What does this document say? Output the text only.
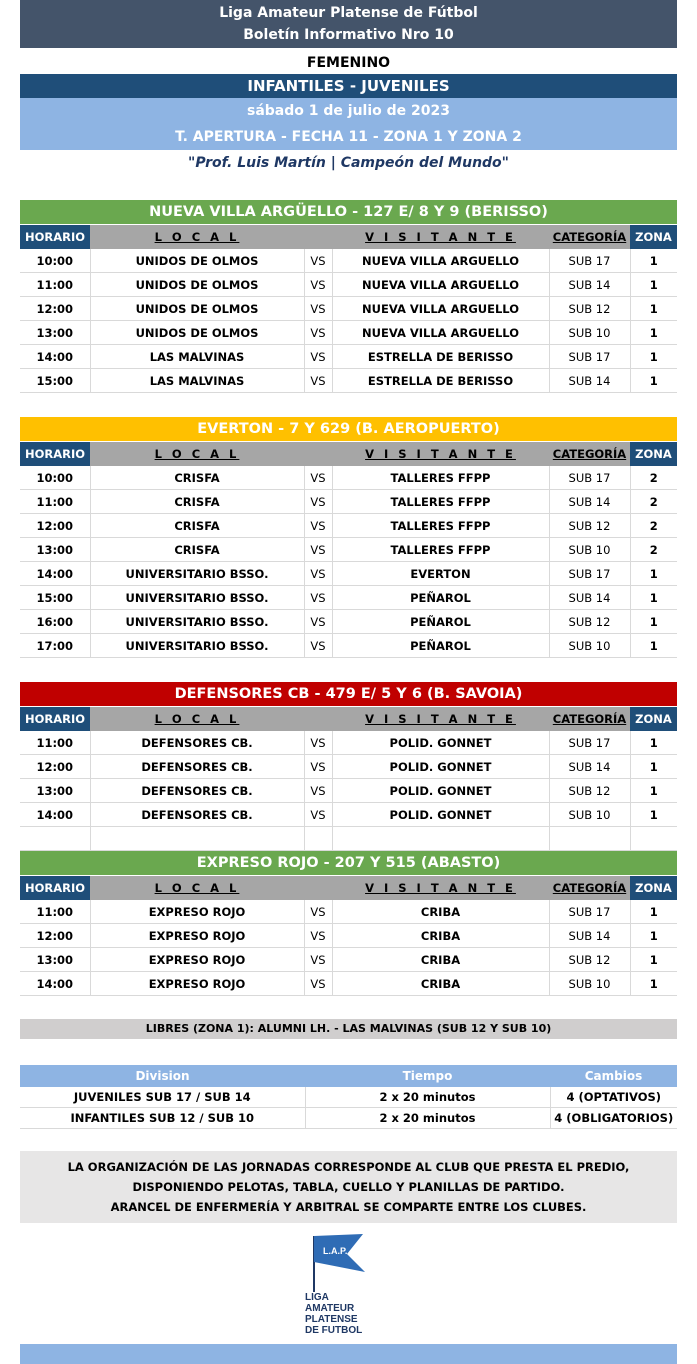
Liga Amateur Platense de Fútbol
Boletín Informativo Nro 10
FEMENINO
INFANTILES - JUVENILES
sábado 1 de julio de 2023
T. APERTURA - FECHA 11 - ZONA 1 Y ZONA 2
"Prof. Luis Martín | Campeón del Mundo"
NUEVA VILLA ARGÜELLO - 127 E/ 8 Y 9 (BERISSO)
HORARIO	L O C A L		V I S I T A N T E	CATEGORÍA	ZONA
10:00	UNIDOS DE OLMOS	VS	NUEVA VILLA ARGUELLO	SUB 17	1
11:00	UNIDOS DE OLMOS	VS	NUEVA VILLA ARGUELLO	SUB 14	1
12:00	UNIDOS DE OLMOS	VS	NUEVA VILLA ARGUELLO	SUB 12	1
13:00	UNIDOS DE OLMOS	VS	NUEVA VILLA ARGUELLO	SUB 10	1
14:00	LAS MALVINAS	VS	ESTRELLA DE BERISSO	SUB 17	1
15:00	LAS MALVINAS	VS	ESTRELLA DE BERISSO	SUB 14	1
EVERTON - 7 Y 629 (B. AEROPUERTO)
HORARIO	L O C A L		V I S I T A N T E	CATEGORÍA	ZONA
10:00	CRISFA	VS	TALLERES FFPP	SUB 17	2
11:00	CRISFA	VS	TALLERES FFPP	SUB 14	2
12:00	CRISFA	VS	TALLERES FFPP	SUB 12	2
13:00	CRISFA	VS	TALLERES FFPP	SUB 10	2
14:00	UNIVERSITARIO BSSO.	VS	EVERTON	SUB 17	1
15:00	UNIVERSITARIO BSSO.	VS	PEÑAROL	SUB 14	1
16:00	UNIVERSITARIO BSSO.	VS	PEÑAROL	SUB 12	1
17:00	UNIVERSITARIO BSSO.	VS	PEÑAROL	SUB 10	1
DEFENSORES CB - 479 E/ 5 Y 6 (B. SAVOIA)
HORARIO	L O C A L		V I S I T A N T E	CATEGORÍA	ZONA
11:00	DEFENSORES CB.	VS	POLID. GONNET	SUB 17	1
12:00	DEFENSORES CB.	VS	POLID. GONNET	SUB 14	1
13:00	DEFENSORES CB.	VS	POLID. GONNET	SUB 12	1
14:00	DEFENSORES CB.	VS	POLID. GONNET	SUB 10	1

EXPRESO ROJO - 207 Y 515 (ABASTO)
HORARIO	L O C A L		V I S I T A N T E	CATEGORÍA	ZONA
11:00	EXPRESO ROJO	VS	CRIBA	SUB 17	1
12:00	EXPRESO ROJO	VS	CRIBA	SUB 14	1
13:00	EXPRESO ROJO	VS	CRIBA	SUB 12	1
14:00	EXPRESO ROJO	VS	CRIBA	SUB 10	1
LIBRES (ZONA 1): ALUMNI LH. - LAS MALVINAS (SUB 12 Y SUB 10)
Division	Tiempo	Cambios
JUVENILES SUB 17 / SUB 14	2 x 20 minutos	4 (OPTATIVOS)
INFANTILES SUB 12 / SUB 10	2 x 20 minutos	4 (OBLIGATORIOS)
LA ORGANIZACIÓN DE LAS JORNADAS CORRESPONDE AL CLUB QUE PRESTA EL PREDIO,
DISPONIENDO PELOTAS, TABLA, CUELLO Y PLANILLAS DE PARTIDO.
ARANCEL DE ENFERMERÍA Y ARBITRAL SE COMPARTE ENTRE LOS CLUBES.
L.A.P.
LIGA
AMATEUR
PLATENSE
DE FUTBOL
